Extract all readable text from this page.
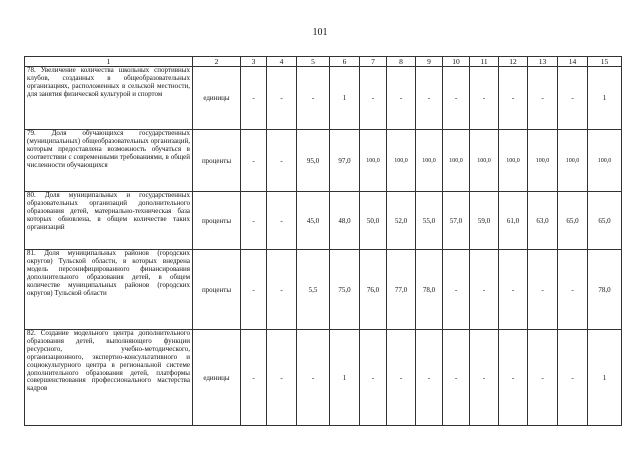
101
1	2	3	4	5	6	7	8	9	10	11	12	13	14	15
78. Увеличение количества школьных спортивных клубов, созданных в общеобразовательных организациях, расположенных в сельской местности, для занятия физической культурой и спортом	единицы	-	-	-	1	-	-	-	-	-	-	-	-	1
79. Доля обучающихся государственных (муниципальных) общеобразовательных организаций, которым предоставлена возможность обучаться в соответствии с современными требованиями, в общей численности обучающихся	проценты	-	-	95,0	97,0	100,0	100,0	100,0	100,0	100,0	100,0	100,0	100,0	100,0
80. Доля муниципальных и государственных образовательных организаций дополнительного образования детей, материально-техническая база которых обновлена, в общем количестве таких организаций	проценты	-	-	45,0	48,0	50,0	52,0	55,0	57,0	59,0	61,0	63,0	65,0	65,0
81. Доля муниципальных районов (городских округов) Тульской области, в которых внедрена модель персонифицированного финансирования дополнительного образования детей, в общем количестве муниципальных районов (городских округов) Тульской области	проценты	-	-	5,5	75,0	76,0	77,0	78,0	-	-	-	-	-	78,0
82. Создание модельного центра дополнительного образования детей, выполняющего функции ресурсного, учебно-методического, организационного, экспертно-консультативного и социокультурного центра в региональной системе дополнительного образования детей, платформы совершенствования профессионального мастерства кадров	единицы	-	-	-	1	-	-	-	-	-	-	-	-	1
